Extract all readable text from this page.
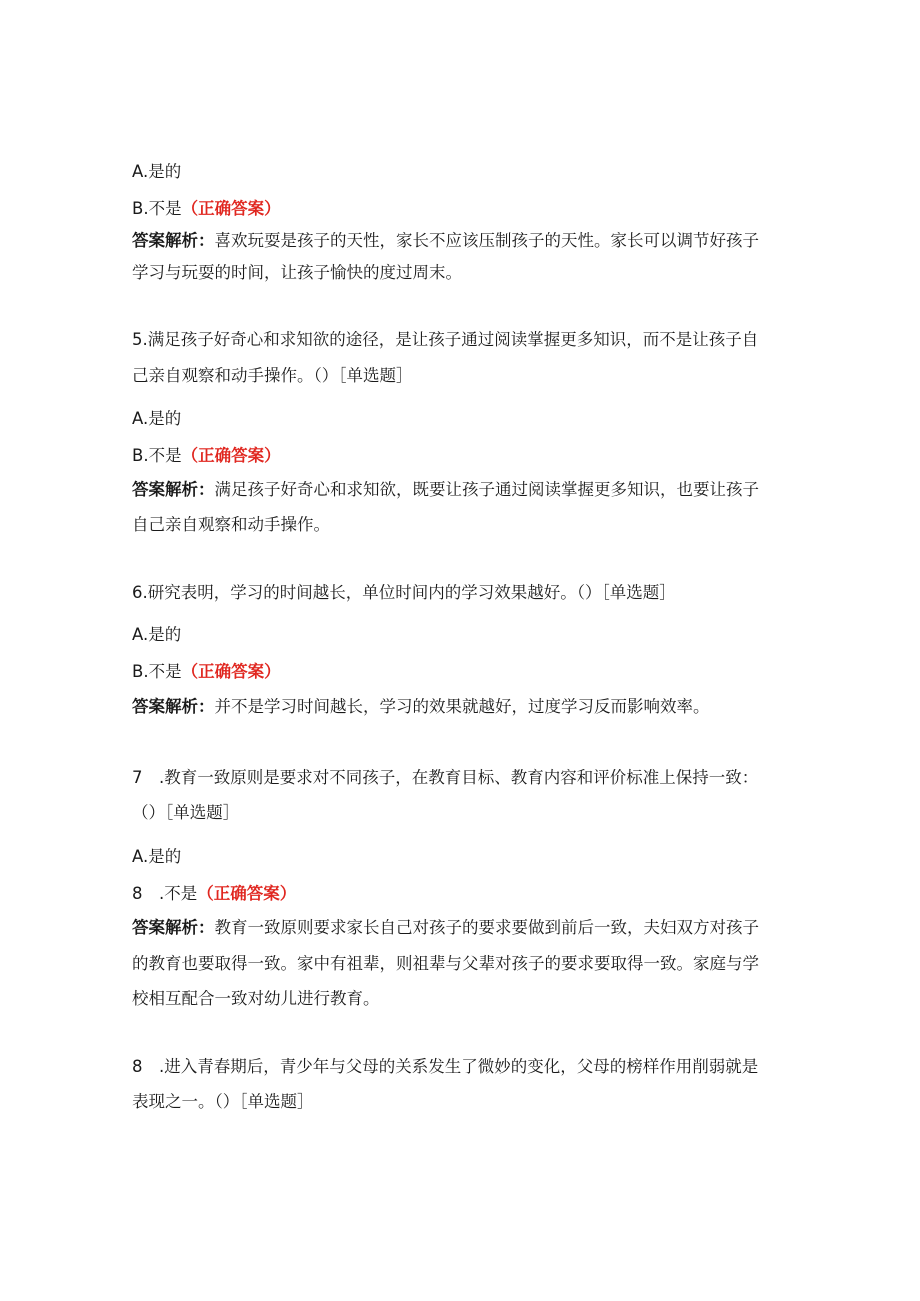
A.是的
B.不是（正确答案）
答案解析：喜欢玩耍是孩子的天性，家长不应该压制孩子的天性。家长可以调节好孩子
学习与玩耍的时间，让孩子愉快的度过周末。
5.满足孩子好奇心和求知欲的途径，是让孩子通过阅读掌握更多知识，而不是让孩子自
己亲自观察和动手操作。（）［单选题］
A.是的
B.不是（正确答案）
答案解析：满足孩子好奇心和求知欲，既要让孩子通过阅读掌握更多知识，也要让孩子
自己亲自观察和动手操作。
6.研究表明，学习的时间越长，单位时间内的学习效果越好。（）［单选题］
A.是的
B.不是（正确答案）
答案解析：并不是学习时间越长，学习的效果就越好，过度学习反而影响效率。
7　.教育一致原则是要求对不同孩子，在教育目标、教育内容和评价标准上保持一致：
（）［单选题］
A.是的
8　.不是（正确答案）
答案解析：教育一致原则要求家长自己对孩子的要求要做到前后一致，夫妇双方对孩子
的教育也要取得一致。家中有祖辈，则祖辈与父辈对孩子的要求要取得一致。家庭与学
校相互配合一致对幼儿进行教育。
8　.进入青春期后，青少年与父母的关系发生了微妙的变化，父母的榜样作用削弱就是
表现之一。（）［单选题］
